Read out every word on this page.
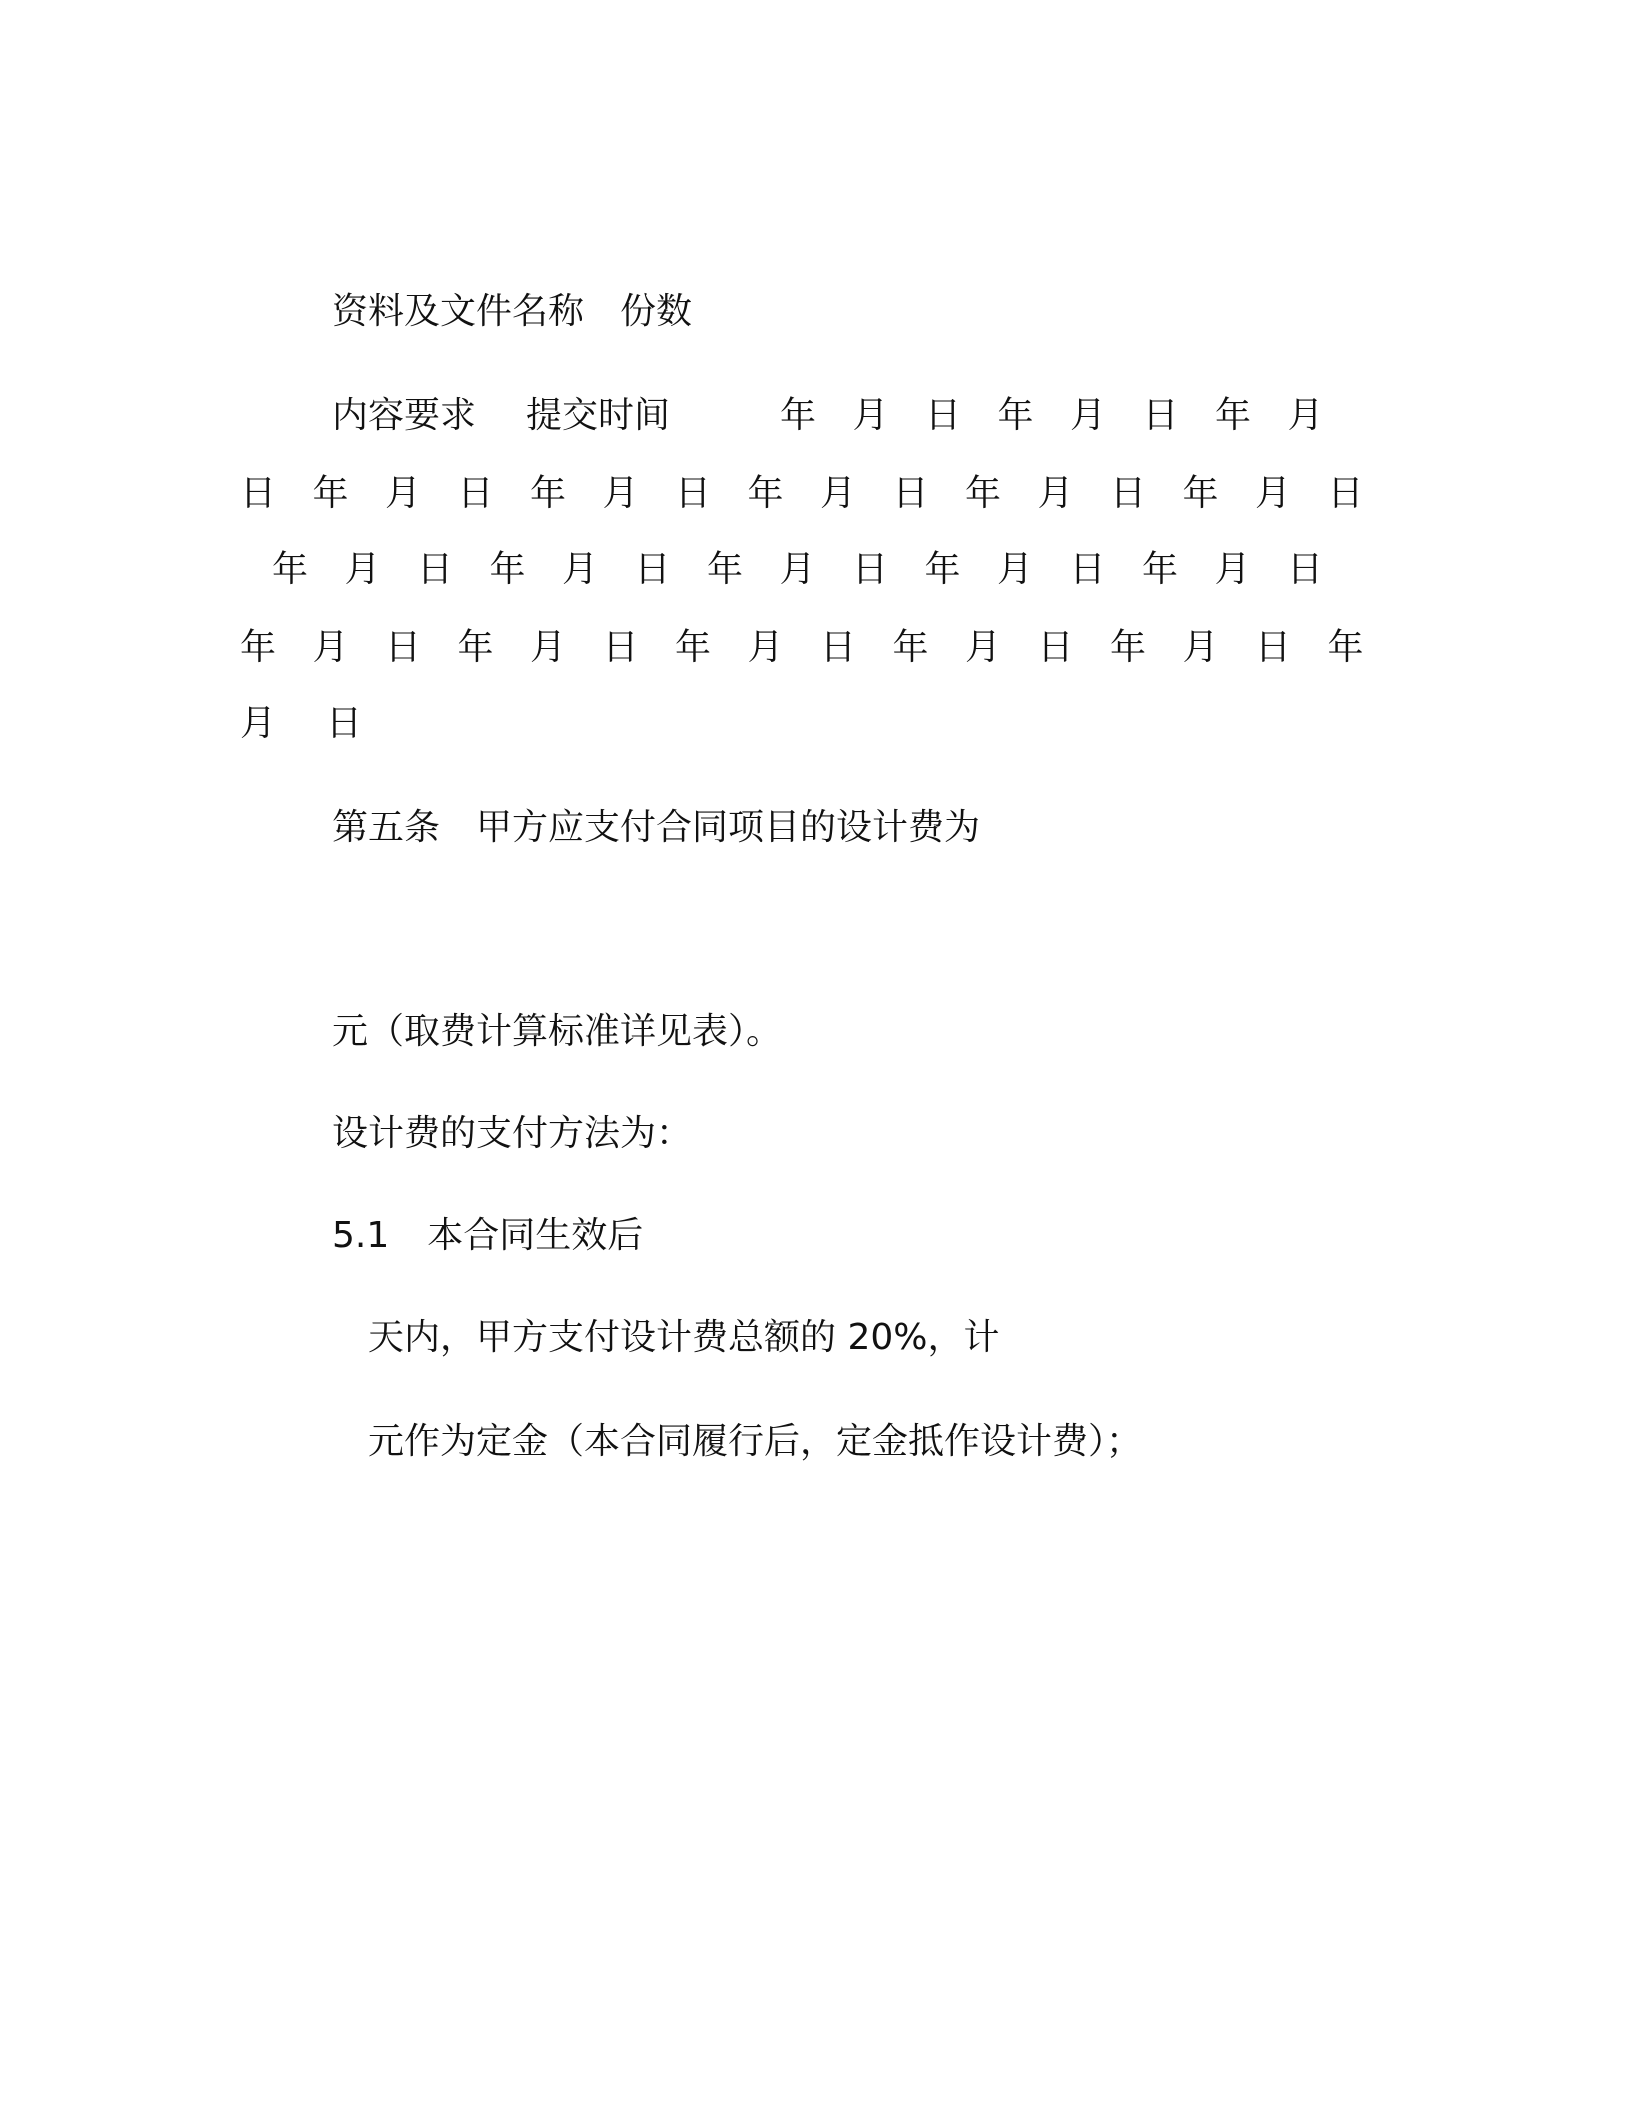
资料及文件名称 份数
内容要求 提交时间	年 月 日 年 月 日 年 月
日 年 月 日 年 月 日 年 月 日 年 月 日 年 月 日
年 月 日 年 月 日 年 月 日 年 月 日 年 月 日
年 月 日 年 月 日 年 月 日 年 月 日 年 月 日 年
月 日
第五条 甲方应支付合同项目的设计费为
元（取费计算标准详见表）。
设计费的支付方法为：
5.1 本合同生效后
天内，甲方支付设计费总额的 20%，计
元作为定金（本合同履行后，定金抵作设计费）；
